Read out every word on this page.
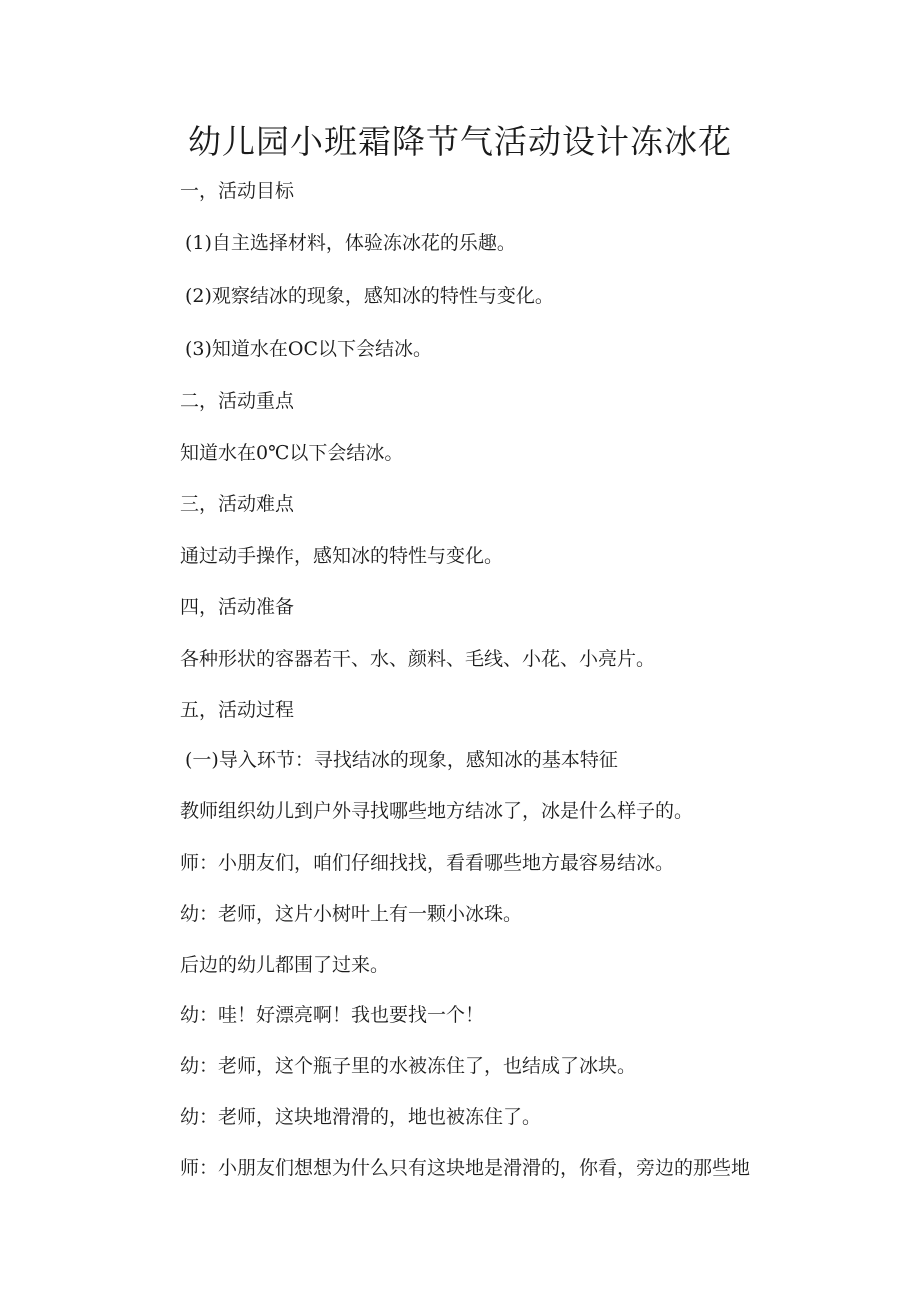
幼儿园小班霜降节气活动设计冻冰花

一，活动目标

(1)自主选择材料，体验冻冰花的乐趣。

(2)观察结冰的现象，感知冰的特性与变化。

(3)知道水在OC以下会结冰。

二，活动重点

知道水在0℃以下会结冰。

三，活动难点

通过动手操作，感知冰的特性与变化。

四，活动准备

各种形状的容器若干、水、颜料、毛线、小花、小亮片。

五，活动过程

(一)导入环节：寻找结冰的现象，感知冰的基本特征

教师组织幼儿到户外寻找哪些地方结冰了，冰是什么样子的。

师：小朋友们，咱们仔细找找，看看哪些地方最容易结冰。

幼：老师，这片小树叶上有一颗小冰珠。

后边的幼儿都围了过来。

幼：哇！好漂亮啊！我也要找一个！

幼：老师，这个瓶子里的水被冻住了，也结成了冰块。

幼：老师，这块地滑滑的，地也被冻住了。

师：小朋友们想想为什么只有这块地是滑滑的，你看，旁边的那些地
